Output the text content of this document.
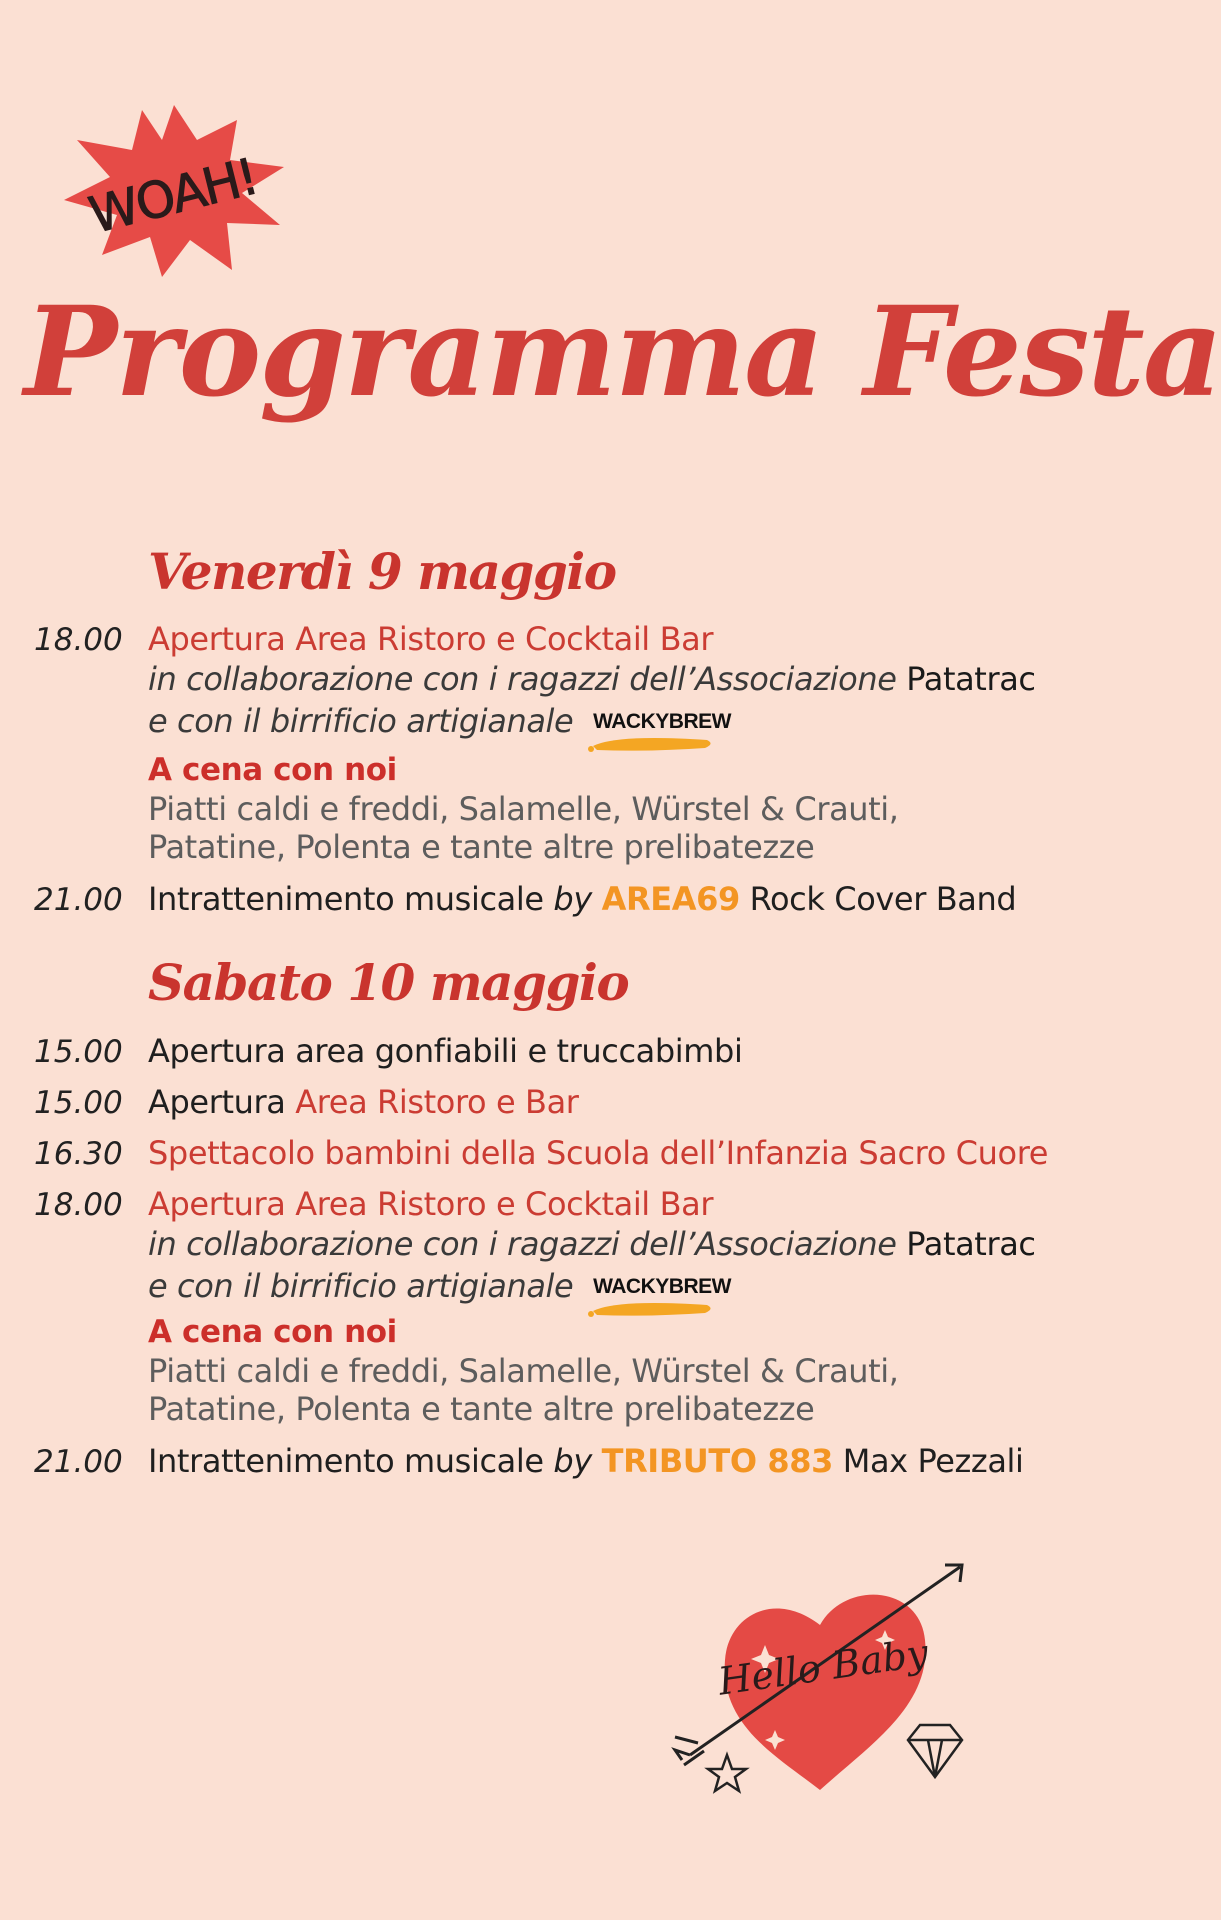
WOAH!
Programma Festa
Venerdì 9 maggio
18.00 Apertura Area Ristoro e Cocktail Bar
in collaborazione con i ragazzi dell’Associazione Patatrac
e con il birrificio artigianale WACKYBREW
A cena con noi
Piatti caldi e freddi, Salamelle, Würstel & Crauti,
Patatine, Polenta e tante altre prelibatezze
21.00 Intrattenimento musicale by AREA69 Rock Cover Band
Sabato 10 maggio
15.00 Apertura area gonfiabili e truccabimbi
15.00 Apertura Area Ristoro e Bar
16.30 Spettacolo bambini della Scuola dell’Infanzia Sacro Cuore
18.00 Apertura Area Ristoro e Cocktail Bar
in collaborazione con i ragazzi dell’Associazione Patatrac
e con il birrificio artigianale WACKYBREW
A cena con noi
Piatti caldi e freddi, Salamelle, Würstel & Crauti,
Patatine, Polenta e tante altre prelibatezze
21.00 Intrattenimento musicale by TRIBUTO 883 Max Pezzali
Hello Baby
